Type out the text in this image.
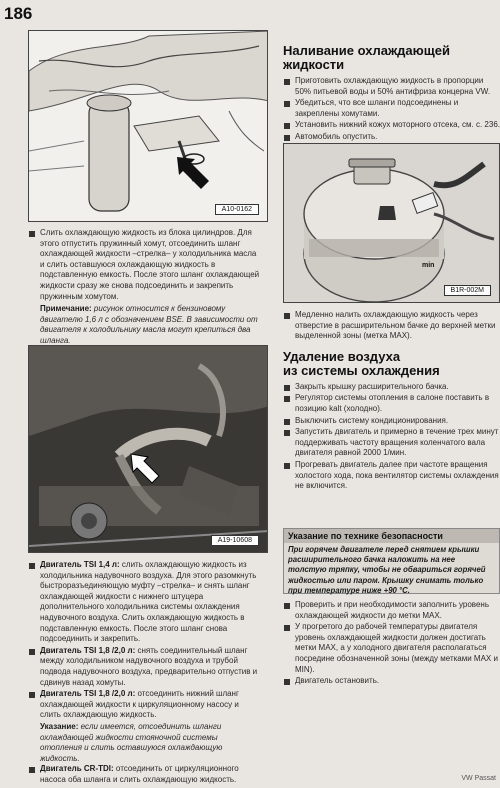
186
A10-0162
Слить охлаждающую жидкость из блока цилиндров. Для этого отпустить пружинный хомут, отсоединить шланг охлаждающей жидкости –стрелка– у холодильника масла и слить оставшуюся охлаждающую жидкость в подставленную емкость. После этого шланг охлаждающей жидкости сразу же снова подсоединить и закрепить пружинным хомутом.
Примечание: рисунок относится к бензиновому двигателю 1,6 л с обозначением BSE. В зависимости от двигателя к холодильнику масла могут крепиться два шланга.
A19-10608
Двигатель TSI 1,4 л: слить охлаждающую жидкость из холодильника надувочного воздуха. Для этого разомкнуть быстроразъединяющую муфту –стрелка– и снять шланг охлаждающей жидкости с нижнего штуцера дополнительного холодильника системы охлаждения надувочного воздуха. Слить охлаждающую жидкость в подставленную емкость. После этого шланг снова подсоединить и закрепить.
Двигатель TSI 1,8 /2,0 л: снять соединительный шланг между холодильником надувочного воздуха и трубой подвода надувочного воздуха, предварительно отпустив и сдвинув назад хомуты.
Двигатель TSI 1,8 /2,0 л: отсоединить нижний шланг охлаждающей жидкости к циркуляционному насосу и слить охлаждающую жидкость.
Указание: если имеется, отсоединить шланги охлаждающей жидкости стояночной системы отопления и слить оставшуюся охлаждающую жидкость.
Двигатель CR-TDI: отсоединить от циркуляционного насоса оба шланга и слить охлаждающую жидкость.
Наливание охлаждающей жидкости
Приготовить охлаждающую жидкость в пропорции 50% питьевой воды и 50% антифриза концерна VW.
Убедиться, что все шланги подсоединены и закреплены хомутами.
Установить нижний кожух моторного отсека, см. с. 236.
Автомобиль опустить.
min
B1R-002M
Медленно налить охлаждающую жидкость через отверстие в расширительном бачке до верхней метки выделенной зоны (метка MAX).
Удаление воздуха
из системы охлаждения
Закрыть крышку расширительного бачка.
Регулятор системы отопления в салоне поставить в позицию kalt (холодно).
Выключить систему кондиционирования.
Запустить двигатель и примерно в течение трех минут поддерживать частоту вращения коленчатого вала двигателя равной 2000 1/мин.
Прогревать двигатель далее при частоте вращения холостого хода, пока вентилятор системы охлаждения не включится.
Указание по технике безопасности
При горячем двигателе перед снятием крышки расширительного бачка наложить на нее толстую тряпку, чтобы не обвариться горячей жидкостью или паром. Крышку снимать только при температуре ниже +90 °C.
Проверить и при необходимости заполнить уровень охлаждающей жидкости до метки MAX.
У прогретого до рабочей температуры двигателя уровень охлаждающей жидкости должен достигать метки MAX, а у холодного двигателя располагаться посредине обозначенной зоны (между метками MAX и MIN).
Двигатель остановить.
VW Passat
